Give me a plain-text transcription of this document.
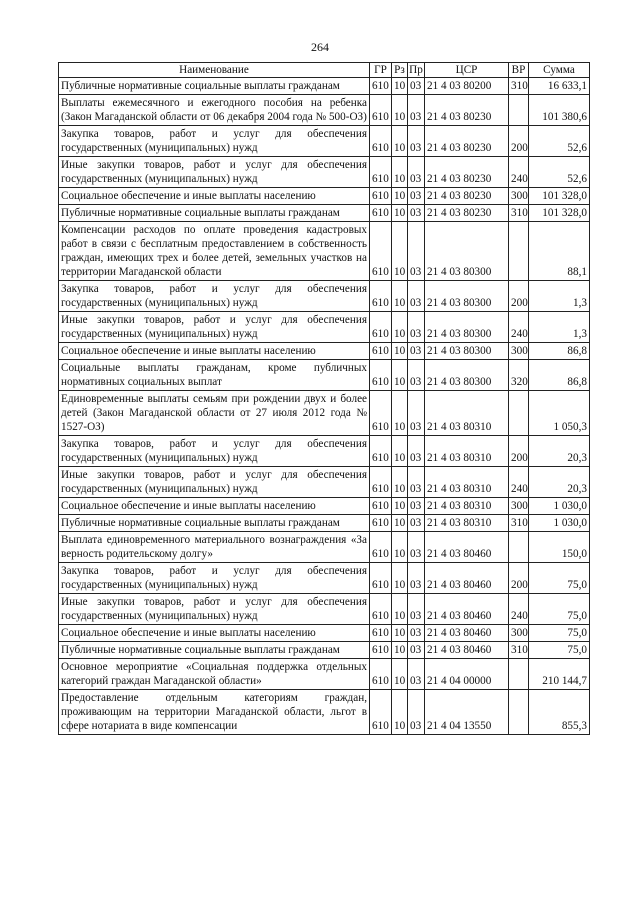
264
Наименование	ГР	Рз	Пр	ЦСР	ВР	Сумма
Публичные нормативные социальные выплаты гражданам	610	10	03	21 4 03 80200	310	16 633,1
Выплаты ежемесячного и ежегодного пособия на ребенка (Закон Магаданской области от 06 декабря 2004 года № 500-ОЗ)	610	10	03	21 4 03 80230		101 380,6
Закупка товаров, работ и услуг для обеспечения государственных (муниципальных) нужд	610	10	03	21 4 03 80230	200	52,6
Иные закупки товаров, работ и услуг для обеспечения государственных (муниципальных) нужд	610	10	03	21 4 03 80230	240	52,6
Социальное обеспечение и иные выплаты населению	610	10	03	21 4 03 80230	300	101 328,0
Публичные нормативные социальные выплаты гражданам	610	10	03	21 4 03 80230	310	101 328,0
Компенсации расходов по оплате проведения кадастровых работ в связи с бесплатным предоставлением в собственность граждан, имеющих трех и более детей, земельных участков на территории Магаданской области	610	10	03	21 4 03 80300		88,1
Закупка товаров, работ и услуг для обеспечения государственных (муниципальных) нужд	610	10	03	21 4 03 80300	200	1,3
Иные закупки товаров, работ и услуг для обеспечения государственных (муниципальных) нужд	610	10	03	21 4 03 80300	240	1,3
Социальное обеспечение и иные выплаты населению	610	10	03	21 4 03 80300	300	86,8
Социальные выплаты гражданам, кроме публичных нормативных социальных выплат	610	10	03	21 4 03 80300	320	86,8
Единовременные выплаты семьям при рождении двух и более детей (Закон Магаданской области от 27 июля 2012 года № 1527-ОЗ)	610	10	03	21 4 03 80310		1 050,3
Закупка товаров, работ и услуг для обеспечения государственных (муниципальных) нужд	610	10	03	21 4 03 80310	200	20,3
Иные закупки товаров, работ и услуг для обеспечения государственных (муниципальных) нужд	610	10	03	21 4 03 80310	240	20,3
Социальное обеспечение и иные выплаты населению	610	10	03	21 4 03 80310	300	1 030,0
Публичные нормативные социальные выплаты гражданам	610	10	03	21 4 03 80310	310	1 030,0
Выплата единовременного материального вознаграждения «За верность родительскому долгу»	610	10	03	21 4 03 80460		150,0
Закупка товаров, работ и услуг для обеспечения государственных (муниципальных) нужд	610	10	03	21 4 03 80460	200	75,0
Иные закупки товаров, работ и услуг для обеспечения государственных (муниципальных) нужд	610	10	03	21 4 03 80460	240	75,0
Социальное обеспечение и иные выплаты населению	610	10	03	21 4 03 80460	300	75,0
Публичные нормативные социальные выплаты гражданам	610	10	03	21 4 03 80460	310	75,0
Основное мероприятие «Социальная поддержка отдельных категорий граждан Магаданской области»	610	10	03	21 4 04 00000		210 144,7
Предоставление отдельным категориям граждан, проживающим на территории Магаданской области, льгот в сфере нотариата в виде компенсации	610	10	03	21 4 04 13550		855,3
